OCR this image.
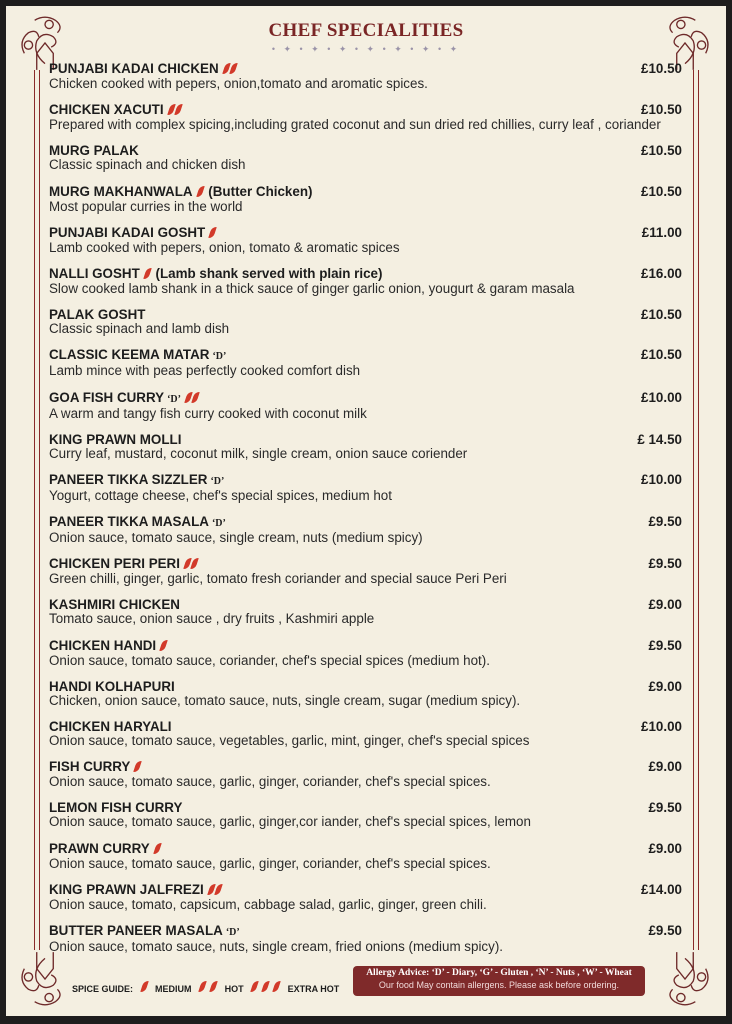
CHEF SPECIALITIES
• ✦ • ✦ • ✦ • ✦ • ✦ • ✦ • ✦
PUNJABI KADAI CHICKEN	£10.50
Chicken cooked with pepers, onion,tomato and aromatic spices.
CHICKEN XACUTI	£10.50
Prepared with complex spicing,including grated coconut and sun dried red chillies, curry leaf , coriander
MURG PALAK	£10.50
Classic spinach and chicken dish
MURG MAKHANWALA (Butter Chicken)	£10.50
Most popular curries in the world
PUNJABI KADAI GOSHT	£11.00
Lamb cooked with pepers, onion, tomato & aromatic spices
NALLI GOSHT (Lamb shank served with plain rice)	£16.00
Slow cooked lamb shank in a thick sauce of ginger garlic onion, yougurt & garam masala
PALAK GOSHT	£10.50
Classic spinach and lamb dish
CLASSIC KEEMA MATAR ‘D’	£10.50
Lamb mince with peas perfectly cooked comfort dish
GOA FISH CURRY ‘D’	£10.00
A warm and tangy fish curry cooked with coconut milk
KING PRAWN MOLLI	£ 14.50
Curry leaf, mustard, coconut milk, single cream, onion sauce coriender
PANEER TIKKA SIZZLER ‘D’	£10.00
Yogurt, cottage cheese, chef's special spices, medium hot
PANEER TIKKA MASALA ‘D’	£9.50
Onion sauce, tomato sauce, single cream, nuts (medium spicy)
CHICKEN PERI PERI	£9.50
Green chilli, ginger, garlic, tomato fresh coriander and special sauce Peri Peri
KASHMIRI CHICKEN	£9.00
Tomato sauce, onion sauce , dry fruits , Kashmiri apple
CHICKEN HANDI	£9.50
Onion sauce, tomato sauce, coriander, chef's special spices (medium hot).
HANDI KOLHAPURI	£9.00
Chicken, onion sauce, tomato sauce, nuts, single cream, sugar (medium spicy).
CHICKEN HARYALI	£10.00
Onion sauce, tomato sauce, vegetables, garlic, mint, ginger, chef's special spices
FISH CURRY	£9.00
Onion sauce, tomato sauce, garlic, ginger, coriander, chef's special spices.
LEMON FISH CURRY	£9.50
Onion sauce, tomato sauce, garlic, ginger,cor iander, chef's special spices, lemon
PRAWN CURRY	£9.00
Onion sauce, tomato sauce, garlic, ginger, coriander, chef's special spices.
KING PRAWN JALFREZI	£14.00
Onion sauce, tomato, capsicum, cabbage salad, garlic, ginger, green chili.
BUTTER PANEER MASALA ‘D’	£9.50
Onion sauce, tomato sauce, nuts, single cream, fried onions (medium spicy).
SPICE GUIDE: MEDIUM	HOT	EXTRA HOT
Allergy Advice: ‘D’ - Diary, ‘G’ - Gluten , ‘N’ - Nuts , ‘W’ - Wheat
Our food May contain allergens. Please ask before ordering.
